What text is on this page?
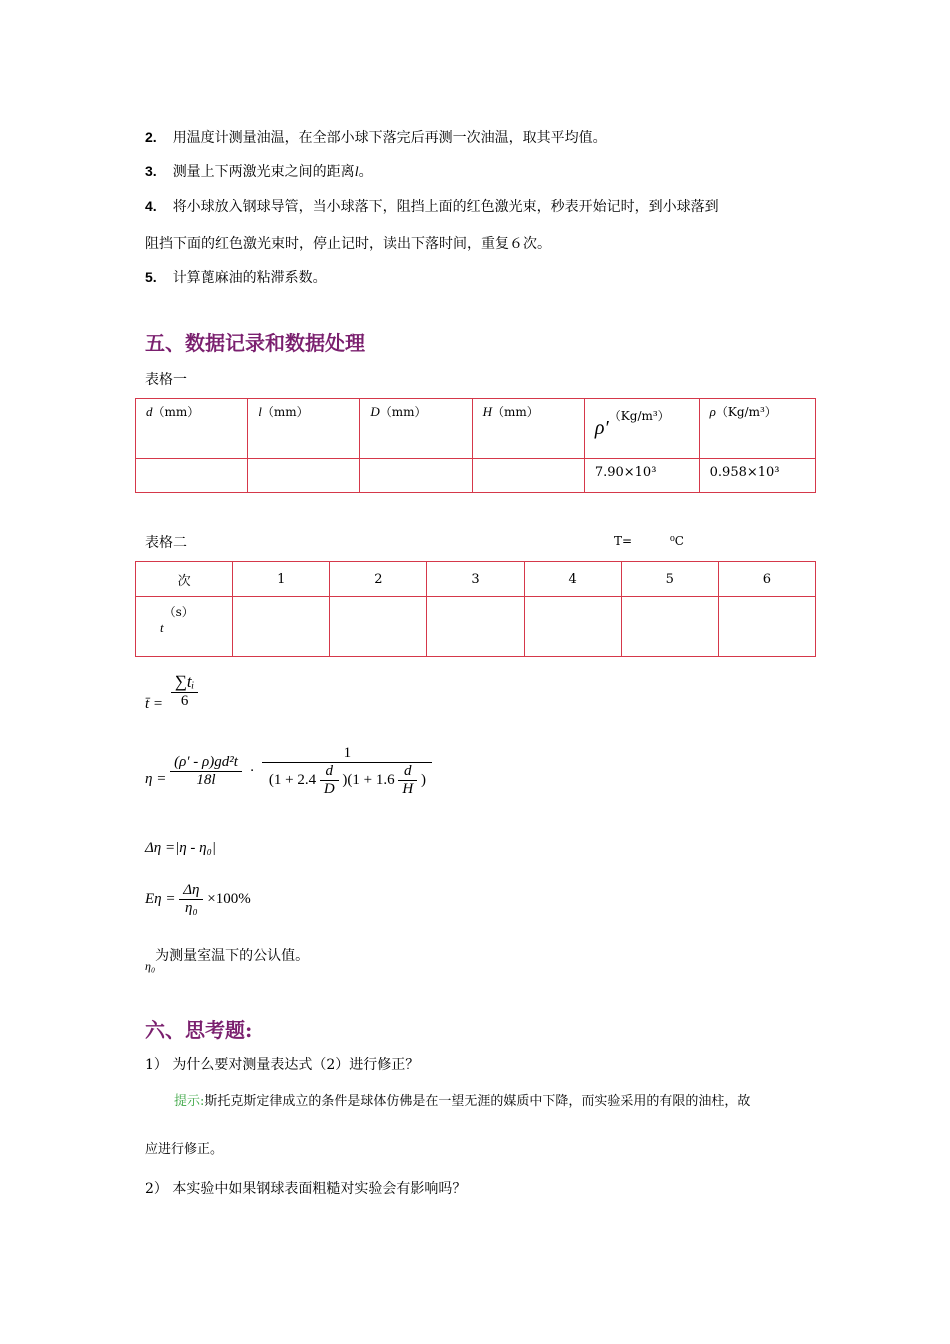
2. 用温度计测量油温，在全部小球下落完后再测一次油温，取其平均值。
3. 测量上下两激光束之间的距离l。
4. 将小球放入钢球导管，当小球落下，阻挡上面的红色激光束，秒表开始记时，到小球落到
阻挡下面的红色激光束时，停止记时，读出下落时间，重复６次。
5. 计算蓖麻油的粘滞系数。
五、数据记录和数据处理
表格一
d（mm）	l（mm）	D（mm）	H（mm）	ρ′（Kg/m³）	ρ（Kg/m³）
				7.90×10³	0.958×10³
表格二	T=	⁰C
次	1	2	3	4	5	6
t（s）						
t̄ = $\frac{\text{∑tᵢ}}{6}$
$\eta = \frac{\text{(ρ′ - ρ)gd²t}}{18l} \cdot \frac{1}{(1 + 2.4 \frac{d}{D} )(1 + 1.6 \frac{d}{H} )}$
Δη =|η - η₀|
$E\eta = \frac{\Delta\eta}{\text{η₀}} \times 100\%$
η₀为测量室温下的公认值。
六、思考题:
1） 为什么要对测量表达式（2）进行修正？
提示:斯托克斯定律成立的条件是球体仿佛是在一望无涯的媒质中下降，而实验采用的有限的油柱，故
应进行修正。
2） 本实验中如果钢球表面粗糙对实验会有影响吗？
